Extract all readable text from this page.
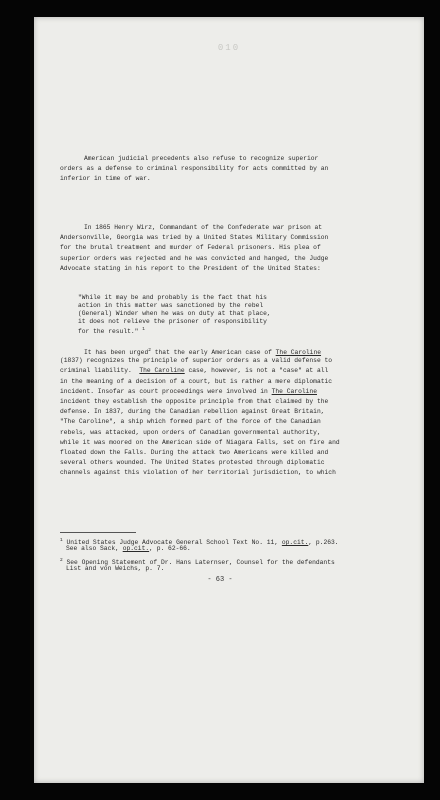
010
American judicial precedents also refuse to recognize superior
orders as a defense to criminal responsibility for acts committed by an
inferior in time of war.
In 1865 Henry Wirz, Commandant of the Confederate war prison at
Andersonville, Georgia was tried by a United States Military Commission
for the brutal treatment and murder of Federal prisoners. His plea of
superior orders was rejected and he was convicted and hanged, the Judge
Advocate stating in his report to the President of the United States:
"While it may be and probably is the fact that his
action in this matter was sanctioned by the rebel
(General) Winder when he was on duty at that place,
it does not relieve the prisoner of responsibility
for the result." $^1$
It has been urged$^2$ that the early American case of The Caroline
(1837) recognizes the principle of superior orders as a valid defense to
criminal liability. The Caroline case, however, is not a "case" at all
in the meaning of a decision of a court, but is rather a mere diplomatic
incident. Insofar as court proceedings were involved in The Caroline
incident they establish the opposite principle from that claimed by the
defense. In 1837, during the Canadian rebellion against Great Britain,
"The Caroline", a ship which formed part of the force of the Canadian
rebels, was attacked, upon orders of Canadian governmental authority,
while it was moored on the American side of Niagara Falls, set on fire and
floated down the Falls. During the attack two Americans were killed and
several others wounded. The United States protested through diplomatic
channels against this violation of her territorial jurisdiction, to which
$^1$ United States Judge Advocate General School Text No. 11, op.cit., p.263.
See also Sack, op.cit., p. 62-66.
$^2$ See Opening Statement of Dr. Hans Laternser, Counsel for the defendants
List and von Weichs, p. 7.
- 63 -
